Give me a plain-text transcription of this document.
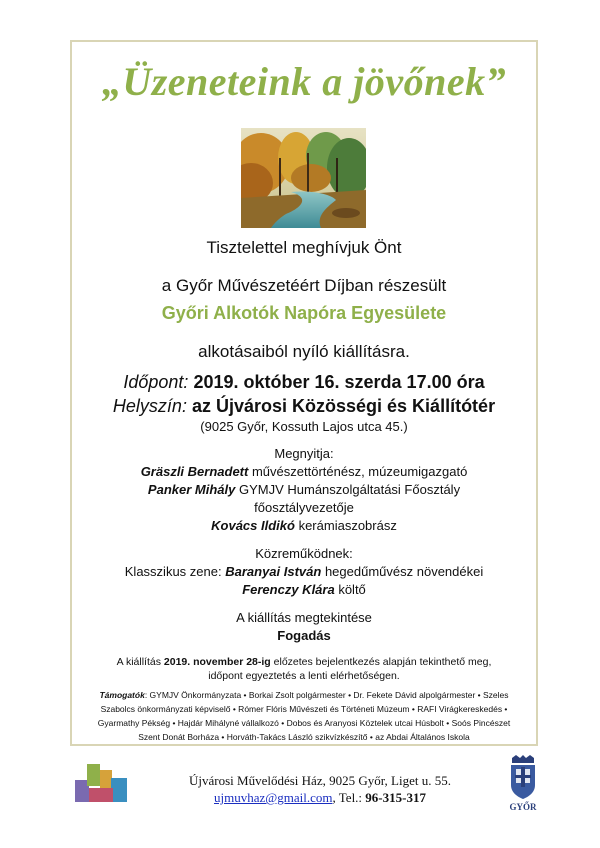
„Üzeneteink a jövőnek”
Tisztelettel meghívjuk Önt
a Győr Művészetéért Díjban részesült
Győri Alkotók Napóra Egyesülete
alkotásaiból nyíló kiállításra.
Időpont: 2019. október 16. szerda 17.00 óra
Helyszín: az Újvárosi Közösségi és Kiállítótér
(9025 Győr, Kossuth Lajos utca 45.)
Megnyitja:
Gräszli Bernadett művészettörténész, múzeumigazgató
Panker Mihály GYMJV Humánszolgáltatási Főosztály
főosztályvezetője
Kovács Ildikó kerámiaszobrász
Közreműködnek:
Klasszikus zene: Baranyai István hegedűművész növendékei
Ferenczy Klára költő
A kiállítás megtekintése
Fogadás
A kiállítás 2019. november 28-ig előzetes bejelentkezés alapján tekinthető meg,
időpont egyeztetés a lenti elérhetőségen.
Támogatók: GYMJV Önkormányzata • Borkai Zsolt polgármester • Dr. Fekete Dávid alpolgármester • Szeles
Szabolcs önkormányzati képviselő • Rómer Flóris Művészeti és Történeti Múzeum • RAFI Virágkereskedés •
Gyarmathy Pékség • Hajdár Mihályné vállalkozó • Dobos és Aranyosi Köztelek utcai Húsbolt • Soós Pincészet
Szent Donát Borháza • Horváth-Takács László szikvízkészítő • az Abdai Általános Iskola
Újvárosi Művelődési Ház, 9025 Győr, Liget u. 55.
ujmuvhaz@gmail.com, Tel.: 96-315-317
GYŐR
